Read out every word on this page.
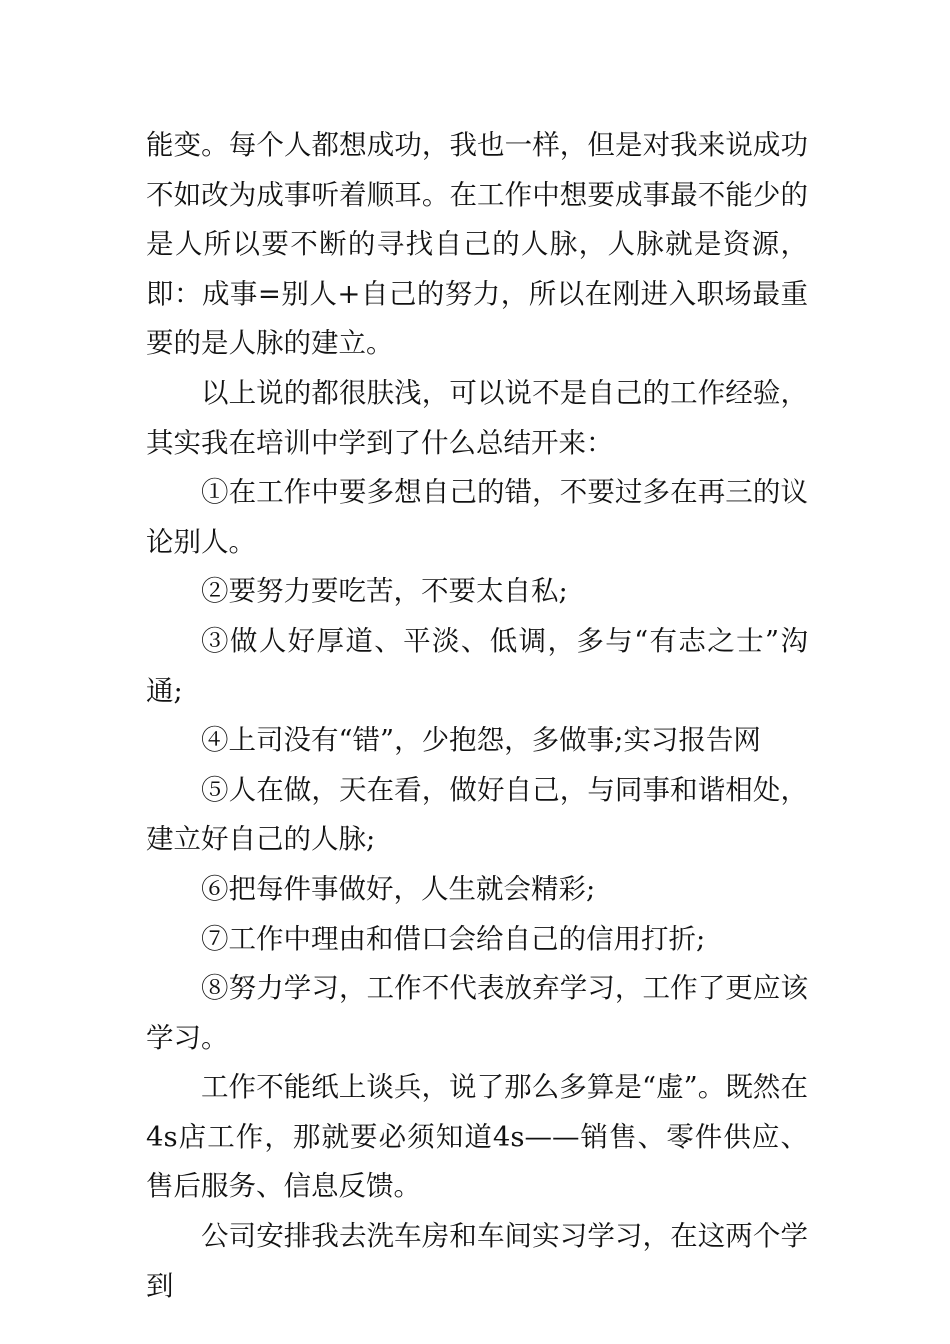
能变。每个人都想成功，我也一样，但是对我来说成功不如改为成事听着顺耳。在工作中想要成事最不能少的是人所以要不断的寻找自己的人脉，人脉就是资源，即：成事=别人+自己的努力，所以在刚进入职场最重要的是人脉的建立。

以上说的都很肤浅，可以说不是自己的工作经验，其实我在培训中学到了什么总结开来：

①在工作中要多想自己的错，不要过多在再三的议论别人。

②要努力要吃苦，不要太自私;

③做人好厚道、平淡、低调，多与“有志之士”沟通;

④上司没有“错”，少抱怨，多做事;实习报告网

⑤人在做，天在看，做好自己，与同事和谐相处，建立好自己的人脉;

⑥把每件事做好，人生就会精彩;

⑦工作中理由和借口会给自己的信用打折;

⑧努力学习，工作不代表放弃学习，工作了更应该学习。

工作不能纸上谈兵，说了那么多算是“虚”。既然在4s店工作，那就要必须知道4s——销售、零件供应、售后服务、信息反馈。

公司安排我去洗车房和车间实习学习，在这两个学到
